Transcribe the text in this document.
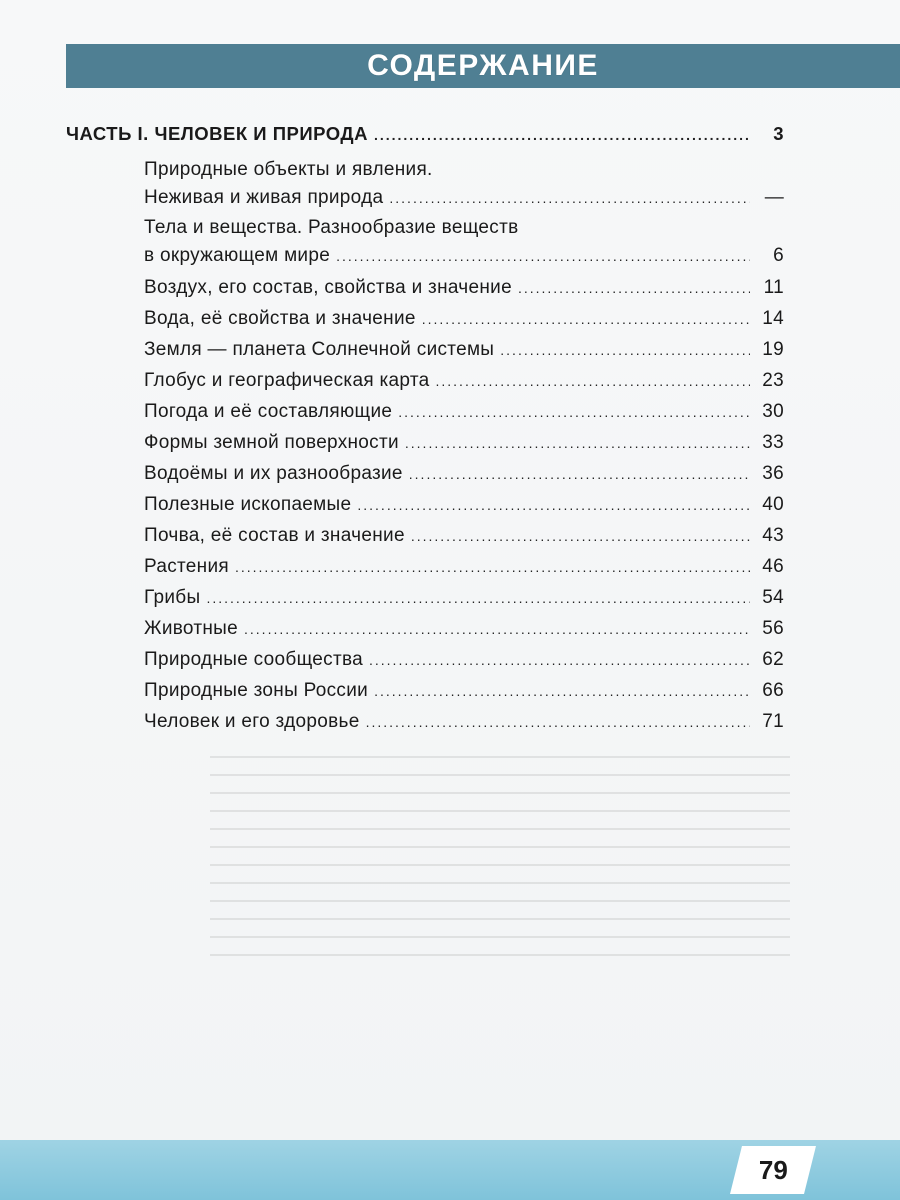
СОДЕРЖАНИЕ
ЧАСТЬ I. ЧЕЛОВЕК И ПРИРОДА .....	3
Природные объекты и явления.
Неживая и живая природа .....	—
Тела и вещества. Разнообразие веществ
в окружающем мире .....	6
Воздух, его состав, свойства и значение .....	11
Вода, её свойства и значение .....	14
Земля — планета Солнечной системы .....	19
Глобус и географическая карта .....	23
Погода и её составляющие .....	30
Формы земной поверхности .....	33
Водоёмы и их разнообразие .....	36
Полезные ископаемые .....	40
Почва, её состав и значение .....	43
Растения .....	46
Грибы .....	54
Животные .....	56
Природные сообщества .....	62
Природные зоны России .....	66
Человек и его здоровье .....	71
79
